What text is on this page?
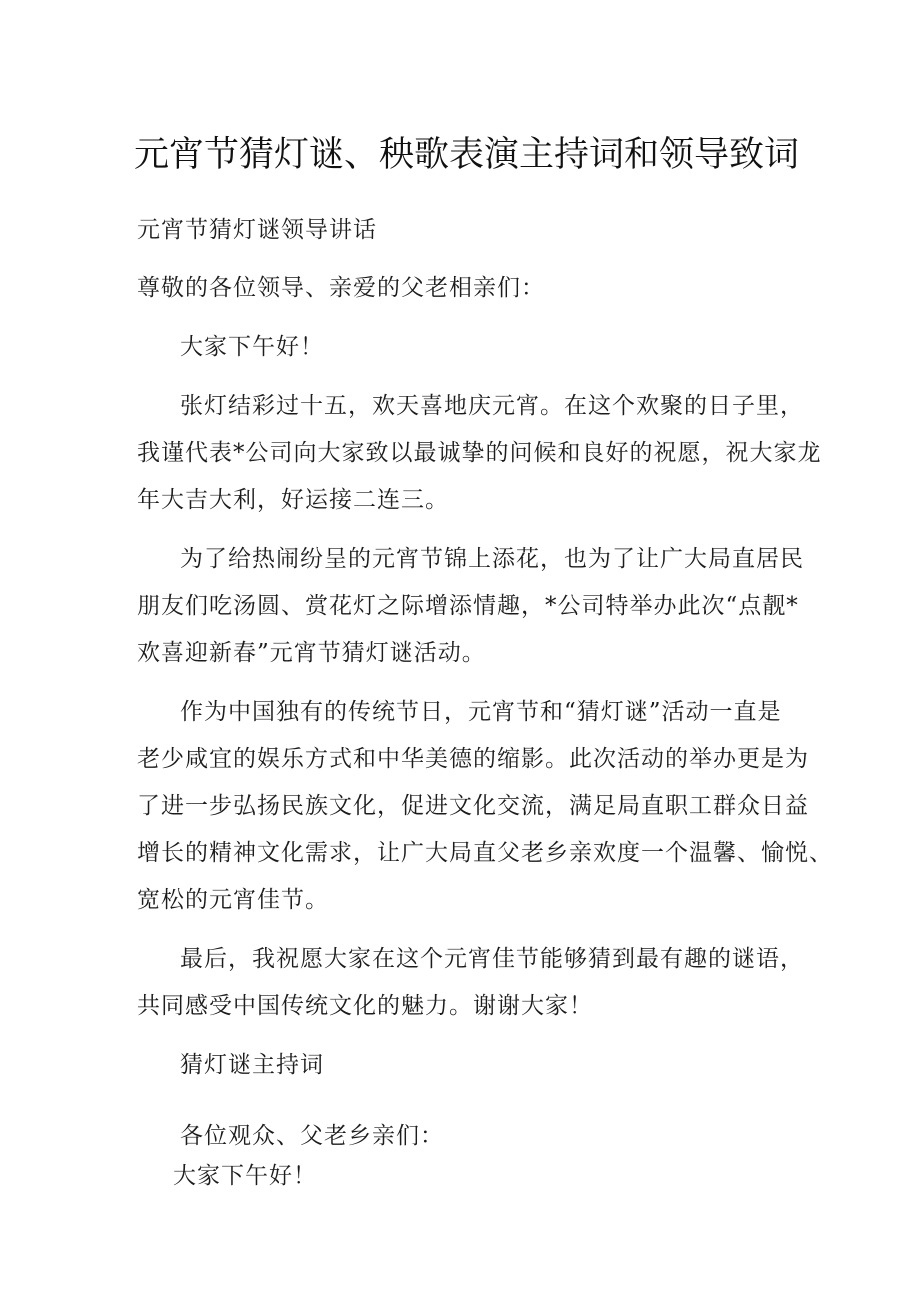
元宵节猜灯谜、秧歌表演主持词和领导致词

元宵节猜灯谜领导讲话

尊敬的各位领导、亲爱的父老相亲们：

大家下午好！

张灯结彩过十五，欢天喜地庆元宵。在这个欢聚的日子里，

我谨代表*公司向大家致以最诚挚的问候和良好的祝愿，祝大家龙

年大吉大利，好运接二连三。

为了给热闹纷呈的元宵节锦上添花，也为了让广大局直居民

朋友们吃汤圆、赏花灯之际增添情趣，*公司特举办此次“点靓*

欢喜迎新春”元宵节猜灯谜活动。

作为中国独有的传统节日，元宵节和“猜灯谜”活动一直是

老少咸宜的娱乐方式和中华美德的缩影。此次活动的举办更是为

了进一步弘扬民族文化，促进文化交流，满足局直职工群众日益

增长的精神文化需求，让广大局直父老乡亲欢度一个温馨、愉悦、

宽松的元宵佳节。

最后，我祝愿大家在这个元宵佳节能够猜到最有趣的谜语，

共同感受中国传统文化的魅力。谢谢大家！

猜灯谜主持词

各位观众、父老乡亲们：

大家下午好！
